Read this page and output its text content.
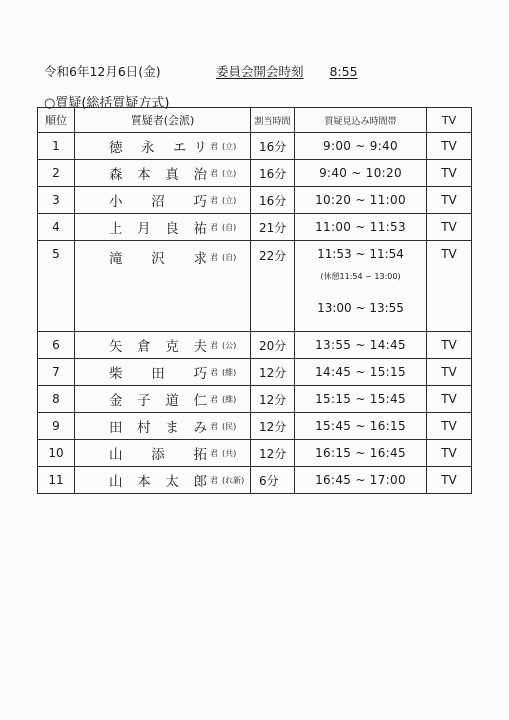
令和6年12月6日(金)	委員会開会時刻 8:55
○質疑(総括質疑方式)
順位	質疑者(会派)	割当時間	質疑見込み時間帯	TV
1	徳 永 エリ 君 (立)	16分	9:00 ~ 9:40	TV
2	森本真治 君 (立)	16分	9:40 ~ 10:20	TV
3	小 沼 巧 君 (立)	16分	10:20 ~ 11:00	TV
4	上月良祐 君 (自)	21分	11:00 ~ 11:53	TV
5	滝 沢 求 君 (自)	22分	11:53 ~ 11:54
(休憩11:54 ~ 13:00)
13:00 ~ 13:55	TV
6	矢倉克夫 君 (公)	20分	13:55 ~ 14:45	TV
7	柴 田 巧 君 (維)	12分	14:45 ~ 15:15	TV
8	金子道仁 君 (維)	12分	15:15 ~ 15:45	TV
9	田村まみ 君 (民)	12分	15:45 ~ 16:15	TV
10	山 添 拓 君 (共)	12分	16:15 ~ 16:45	TV
11	山本太郎 君 (れ新)	6分	16:45 ~ 17:00	TV
